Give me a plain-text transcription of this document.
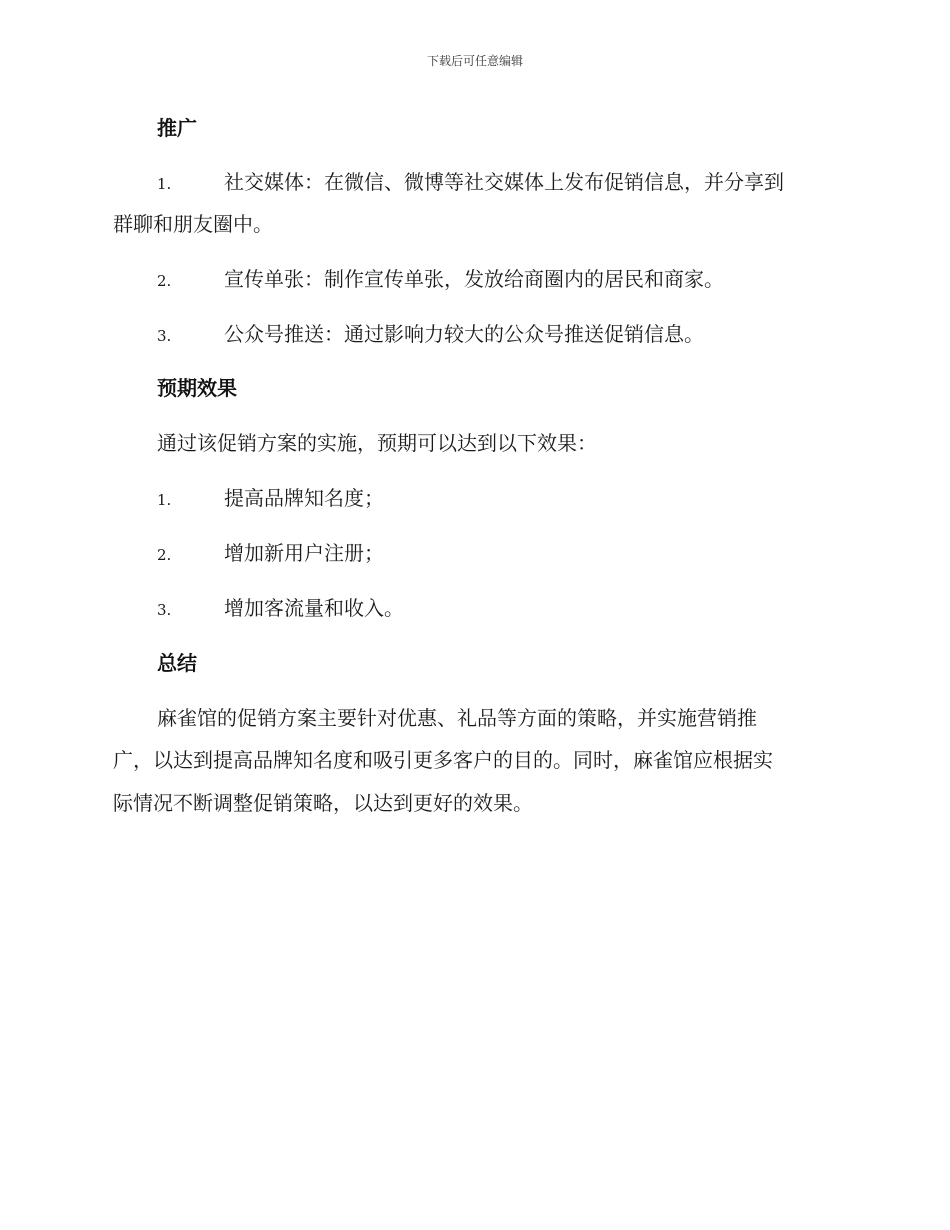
下载后可任意编辑
推广
1.	社交媒体：在微信、微博等社交媒体上发布促销信息，并分享到
群聊和朋友圈中。
2.	宣传单张：制作宣传单张，发放给商圈内的居民和商家。
3.	公众号推送：通过影响力较大的公众号推送促销信息。
预期效果
通过该促销方案的实施，预期可以达到以下效果：
1.	提高品牌知名度；
2.	增加新用户注册；
3.	增加客流量和收入。
总结
麻雀馆的促销方案主要针对优惠、礼品等方面的策略，并实施营销推
广，以达到提高品牌知名度和吸引更多客户的目的。同时，麻雀馆应根据实
际情况不断调整促销策略，以达到更好的效果。
